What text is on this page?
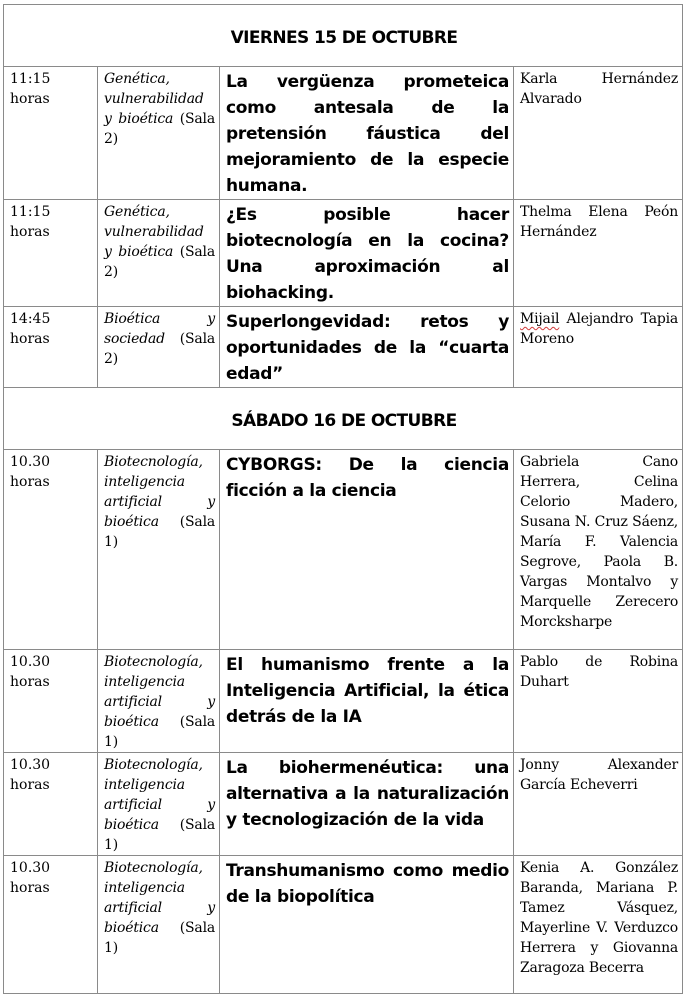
VIERNES 15 DE OCTUBRE			
11:15 horas	Genética, vulnerabilidad y bioética (Sala 2)	La vergüenza prometeica como antesala de la pretensión fáustica del mejoramiento de la especie humana.	Karla Hernández Alvarado
11:15 horas	Genética, vulnerabilidad y bioética (Sala 2)	¿Es posible hacer biotecnología en la cocina? Una aproximación al biohacking.	Thelma Elena Peón Hernández
14:45 horas	Bioética y sociedad (Sala 2)	Superlongevidad: retos y oportunidades de la “cuarta edad”	Mijail Alejandro Tapia Moreno
SÁBADO 16 DE OCTUBRE			
10.30 horas	Biotecnología, inteligencia artificial y bioética (Sala 1)	CYBORGS: De la ciencia ficción a la ciencia	Gabriela Cano Herrera, Celina Celorio Madero, Susana N. Cruz Sáenz, María F. Valencia Segrove, Paola B. Vargas Montalvo y Marquelle Zerecero Morcksharpe
10.30 horas	Biotecnología, inteligencia artificial y bioética (Sala 1)	El humanismo frente a la Inteligencia Artificial, la ética detrás de la IA	Pablo de Robina Duhart
10.30 horas	Biotecnología, inteligencia artificial y bioética (Sala 1)	La biohermenéutica: una alternativa a la naturalización y tecnologización de la vida	Jonny Alexander García Echeverri
10.30 horas	Biotecnología, inteligencia artificial y bioética (Sala 1)	Transhumanismo como medio de la biopolítica	Kenia A. González Baranda, Mariana P. Tamez Vásquez, Mayerline V. Verduzco Herrera y Giovanna Zaragoza Becerra
